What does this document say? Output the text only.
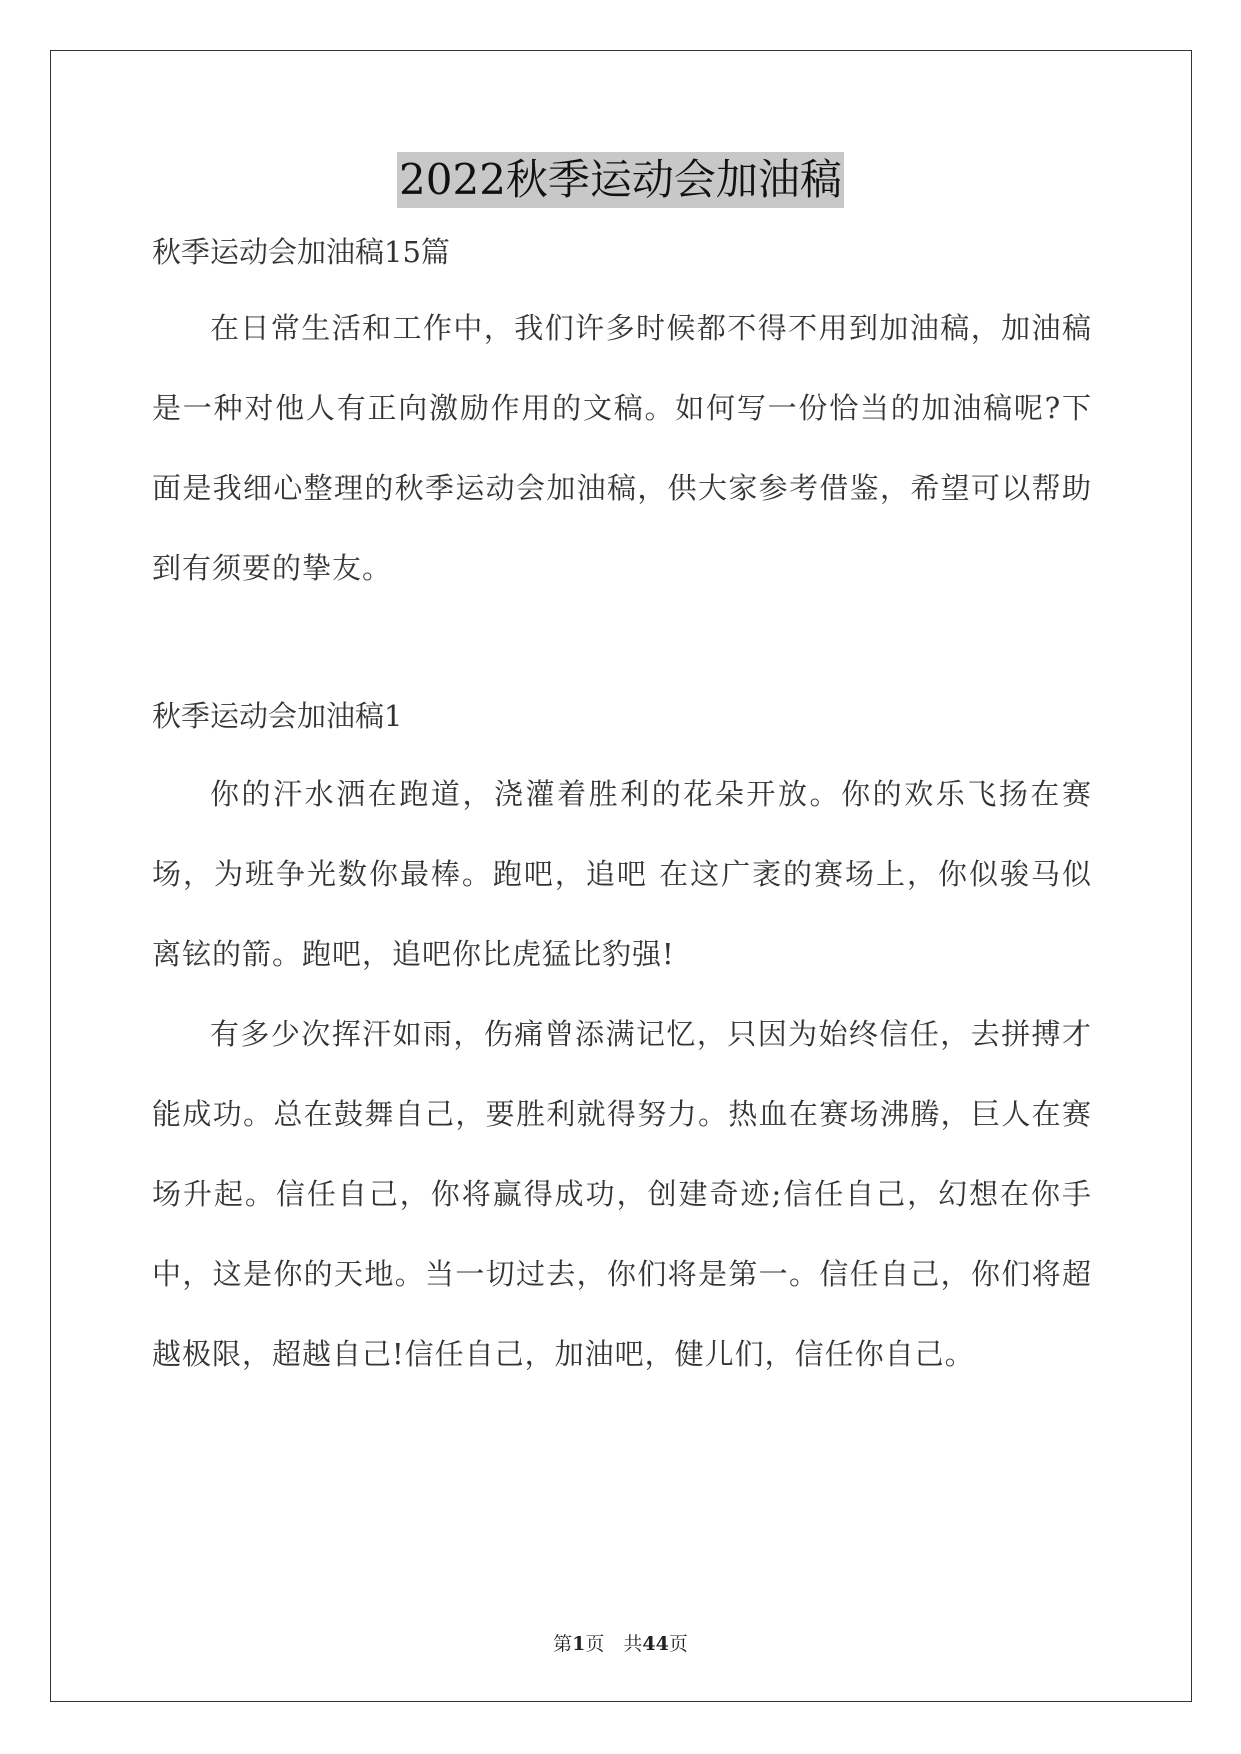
2022秋季运动会加油稿

秋季运动会加油稿15篇

在日常生活和工作中，我们许多时候都不得不用到加油稿，加油稿是一种对他人有正向激励作用的文稿。如何写一份恰当的加油稿呢?下面是我细心整理的秋季运动会加油稿，供大家参考借鉴，希望可以帮助到有须要的挚友。

秋季运动会加油稿1

你的汗水洒在跑道，浇灌着胜利的花朵开放。你的欢乐飞扬在赛场，为班争光数你最棒。跑吧，追吧 在这广袤的赛场上，你似骏马似离铉的箭。跑吧，追吧你比虎猛比豹强!

有多少次挥汗如雨，伤痛曾添满记忆，只因为始终信任，去拼搏才能成功。总在鼓舞自己，要胜利就得努力。热血在赛场沸腾，巨人在赛场升起。信任自己，你将赢得成功，创建奇迹;信任自己，幻想在你手中，这是你的天地。当一切过去，你们将是第一。信任自己，你们将超越极限，超越自己!信任自己，加油吧，健儿们，信任你自己。

第1页　共44页
